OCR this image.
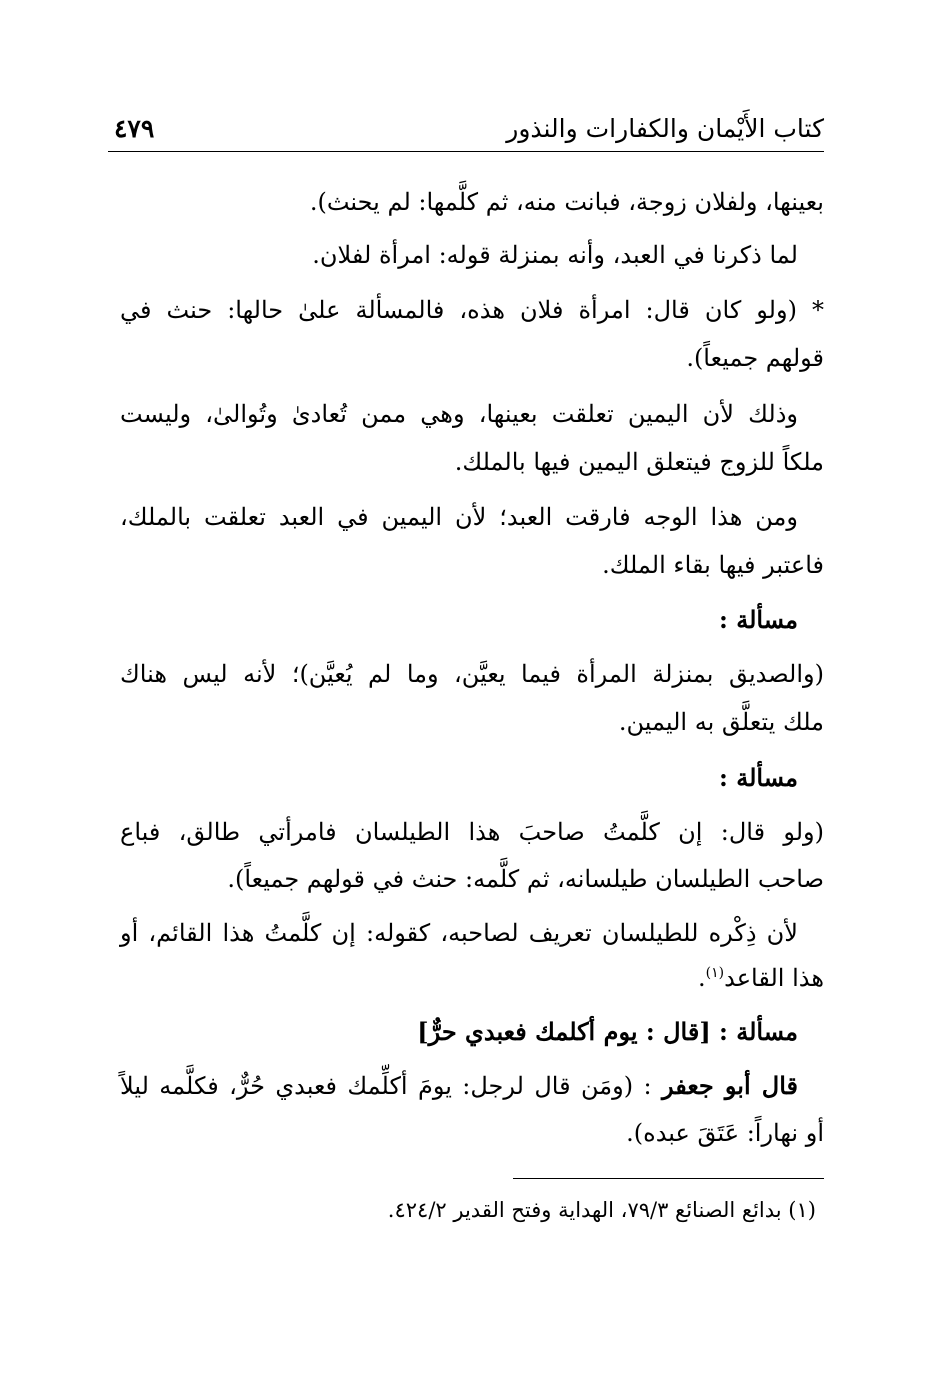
كتاب الأَيْمان والكفارات والنذور
٤٧٩
بعينها، ولفلان زوجة، فبانت منه، ثم كلَّمها: لم يحنث).
لما ذكرنا في العبد، وأنه بمنزلة قوله: امرأة لفلان.
* (ولو كان قال: امرأة فلان هذه، فالمسألة علىٰ حالها: حنث في
قولهم جميعاً).
وذلك لأن اليمين تعلقت بعينها، وهي ممن تُعادىٰ وتُوالىٰ، وليست
ملكاً للزوج فيتعلق اليمين فيها بالملك.
ومن هذا الوجه فارقت العبد؛ لأن اليمين في العبد تعلقت بالملك،
فاعتبر فيها بقاء الملك.
مسألة :
(والصديق بمنزلة المرأة فيما يعيَّن، وما لم يُعيَّن)؛ لأنه ليس هناك
ملك يتعلَّق به اليمين.
مسألة :
(ولو قال: إن كلَّمتُ صاحبَ هذا الطيلسان فامرأتي طالق، فباع
صاحب الطيلسان طيلسانه، ثم كلَّمه: حنث في قولهم جميعاً).
لأن ذِكْره للطيلسان تعريف لصاحبه، كقوله: إن كلَّمتُ هذا القائم، أو
هذا القاعد$^{(١)}$.
مسألة : [قال : يوم أكلمك فعبدي حرٌّ]
قال أبو جعفر : (ومَن قال لرجل: يومَ أكلِّمك فعبدي حُرٌّ، فكلَّمه ليلاً
أو نهاراً: عَتَقَ عبده).
(١) بدائع الصنائع ٧٩/٣، الهداية وفتح القدير ٤٢٤/٢.
